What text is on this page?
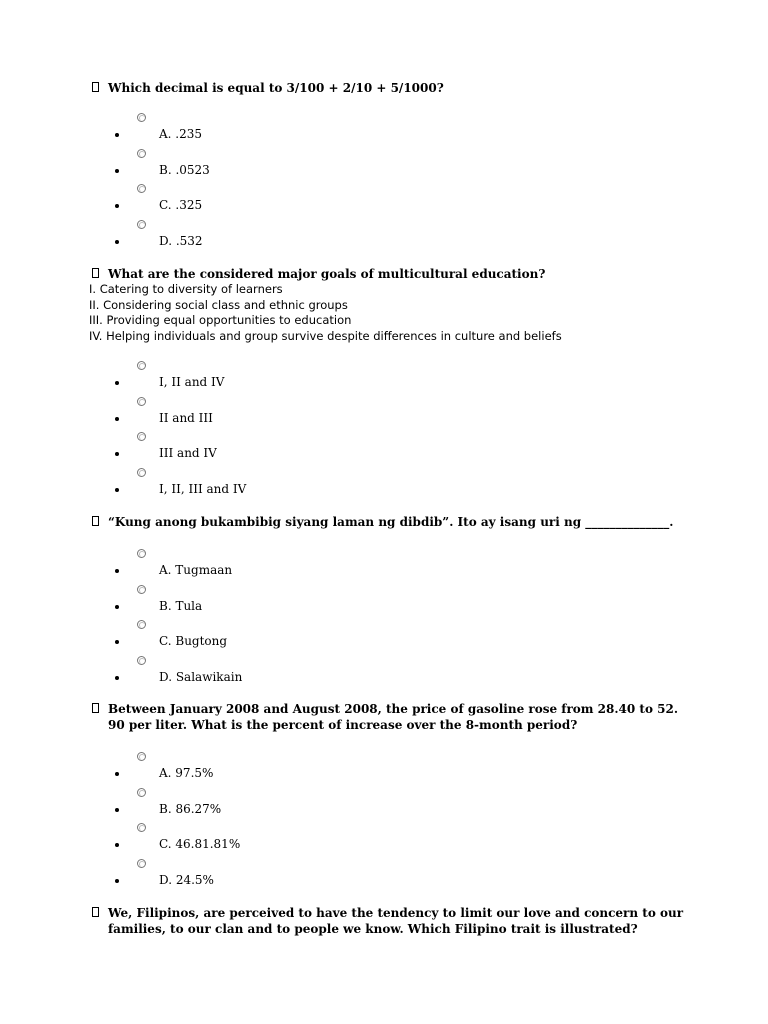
Which decimal is equal to 3/100 + 2/10 + 5/1000?
A. .235
B. .0523
C. .325
D. .532
What are the considered major goals of multicultural education?
I. Catering to diversity of learners
II. Considering social class and ethnic groups
III. Providing equal opportunities to education
IV. Helping individuals and group survive despite differences in culture and beliefs
I, II and IV
II and III
III and IV
I, II, III and IV
“Kung anong bukambibig siyang laman ng dibdib”. Ito ay isang uri ng ______________.
A. Tugmaan
B. Tula
C. Bugtong
D. Salawikain
Between January 2008 and August 2008, the price of gasoline rose from 28.40 to 52. 90 per liter. What is the percent of increase over the 8-month period?
A. 97.5%
B. 86.27%
C. 46.81.81%
D. 24.5%
We, Filipinos, are perceived to have the tendency to limit our love and concern to our families, to our clan and to people we know. Which Filipino trait is illustrated?
